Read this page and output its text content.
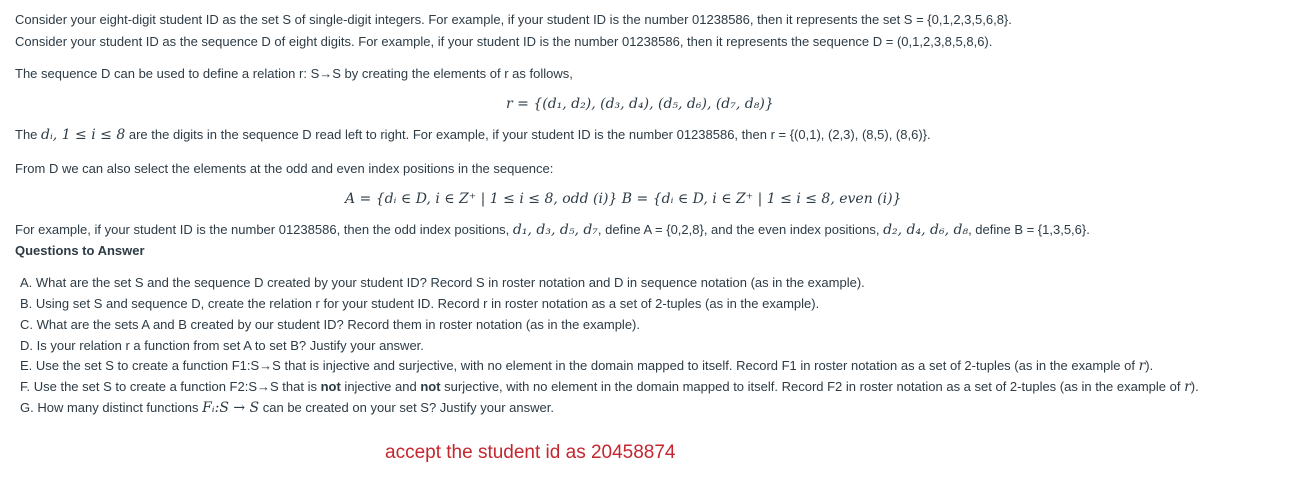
Consider your eight-digit student ID as the set S of single-digit integers. For example, if your student ID is the number 01238586, then it represents the set S = {0,1,2,3,5,6,8}.
Consider your student ID as the sequence D of eight digits. For example, if your student ID is the number 01238586, then it represents the sequence D = (0,1,2,3,8,5,8,6).
The sequence D can be used to define a relation r: S→S by creating the elements of r as follows,
r = {(d₁, d₂), (d₃, d₄), (d₅, d₆), (d₇, d₈)}
The dᵢ, 1 ≤ i ≤ 8 are the digits in the sequence D read left to right. For example, if your student ID is the number 01238586, then r = {(0,1), (2,3), (8,5), (8,6)}.
From D we can also select the elements at the odd and even index positions in the sequence:
A = {dᵢ ∈ D, i ∈ Z⁺ | 1 ≤ i ≤ 8, odd (i)} B = {dᵢ ∈ D, i ∈ Z⁺ | 1 ≤ i ≤ 8, even (i)}
For example, if your student ID is the number 01238586, then the odd index positions, d₁, d₃, d₅, d₇, define A = {0,2,8}, and the even index positions, d₂, d₄, d₆, d₈, define B = {1,3,5,6}.
Questions to Answer
A. What are the set S and the sequence D created by your student ID? Record S in roster notation and D in sequence notation (as in the example).
B. Using set S and sequence D, create the relation r for your student ID. Record r in roster notation as a set of 2-tuples (as in the example).
C. What are the sets A and B created by our student ID? Record them in roster notation (as in the example).
D. Is your relation r a function from set A to set B? Justify your answer.
E. Use the set S to create a function F1:S→S that is injective and surjective, with no element in the domain mapped to itself. Record F1 in roster notation as a set of 2-tuples (as in the example of r).
F. Use the set S to create a function F2:S→S that is not injective and not surjective, with no element in the domain mapped to itself. Record F2 in roster notation as a set of 2-tuples (as in the example of r).
G. How many distinct functions Fᵢ:S → S can be created on your set S? Justify your answer.
accept the student id as 20458874
